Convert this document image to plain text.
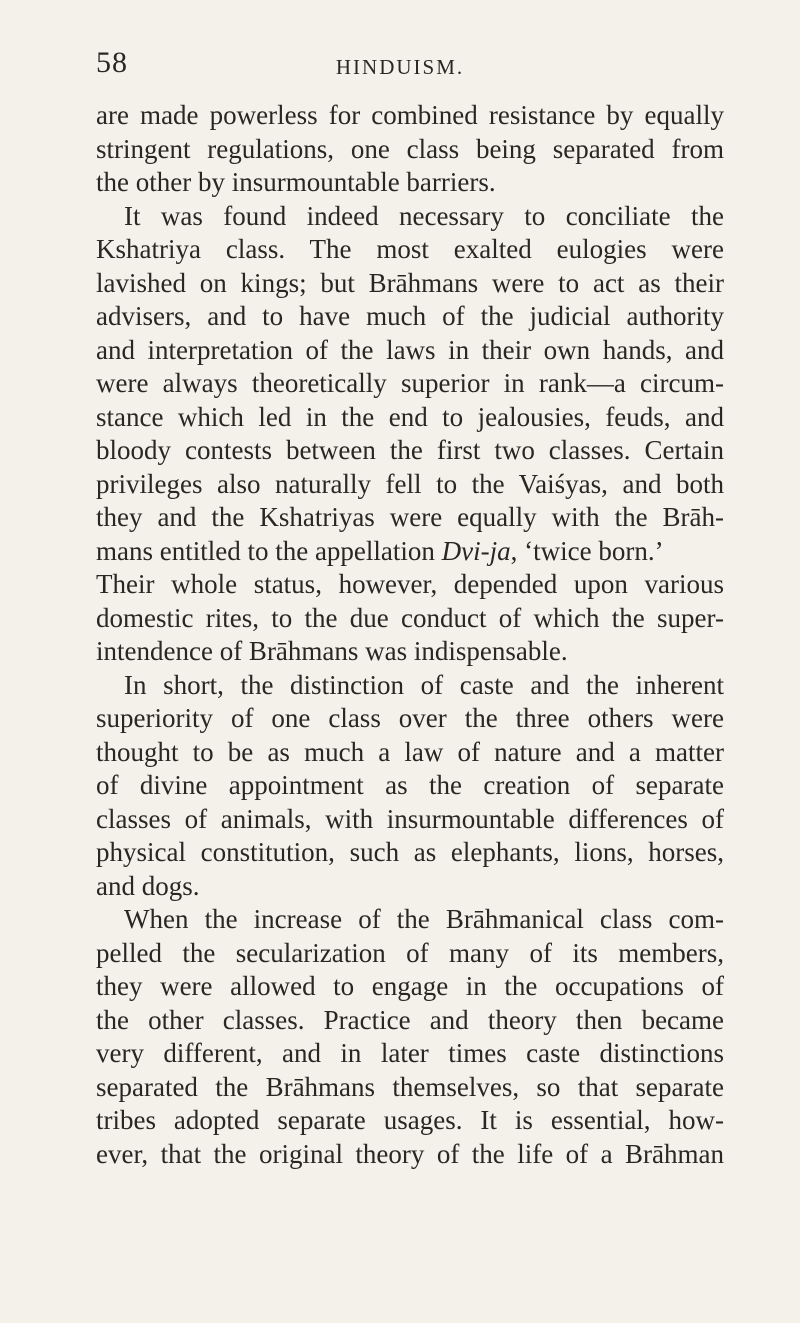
58	HINDUISM.
are made powerless for combined resistance by equally
stringent regulations, one class being separated from
the other by insurmountable barriers.
It was found indeed necessary to conciliate the
Kshatriya class. The most exalted eulogies were
lavished on kings; but Brāhmans were to act as their
advisers, and to have much of the judicial authority
and interpretation of the laws in their own hands, and
were always theoretically superior in rank—a circum-
stance which led in the end to jealousies, feuds, and
bloody contests between the first two classes. Certain
privileges also naturally fell to the Vaiśyas, and both
they and the Kshatriyas were equally with the Brāh-
mans entitled to the appellation Dvi-ja, ‘twice born.’
Their whole status, however, depended upon various
domestic rites, to the due conduct of which the super-
intendence of Brāhmans was indispensable.
In short, the distinction of caste and the inherent
superiority of one class over the three others were
thought to be as much a law of nature and a matter
of divine appointment as the creation of separate
classes of animals, with insurmountable differences of
physical constitution, such as elephants, lions, horses,
and dogs.
When the increase of the Brāhmanical class com-
pelled the secularization of many of its members,
they were allowed to engage in the occupations of
the other classes. Practice and theory then became
very different, and in later times caste distinctions
separated the Brāhmans themselves, so that separate
tribes adopted separate usages. It is essential, how-
ever, that the original theory of the life of a Brāhman
